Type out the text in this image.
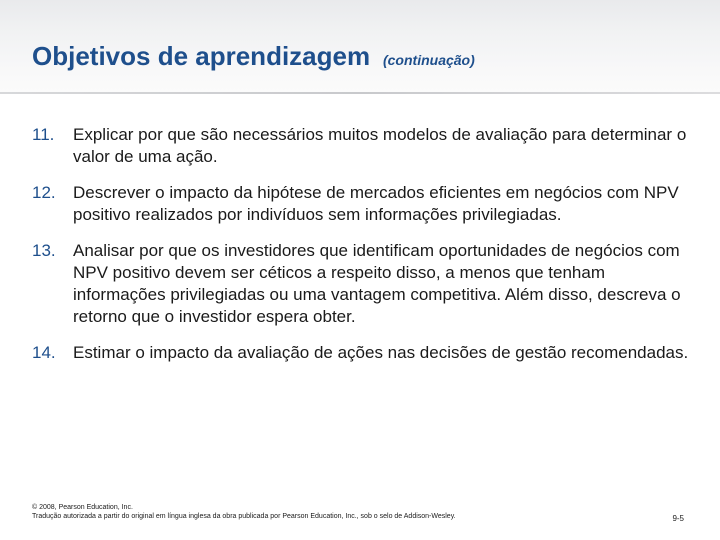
Objetivos de aprendizagem (continuação)
11.	Explicar por que são necessários muitos modelos de avaliação para determinar o valor de uma ação.
12.	Descrever o impacto da hipótese de mercados eficientes em negócios com NPV positivo realizados por indivíduos sem informações privilegiadas.
13.	Analisar por que os investidores que identificam oportunidades de negócios com NPV positivo devem ser céticos a respeito disso, a menos que tenham informações privilegiadas ou uma vantagem competitiva. Além disso, descreva o retorno que o investidor espera obter.
14.	Estimar o impacto da avaliação de ações nas decisões de gestão recomendadas.
© 2008, Pearson Education, Inc.
Tradução autorizada a partir do original em língua inglesa da obra publicada por Pearson Education, Inc., sob o selo de Addison-Wesley.	9-5
